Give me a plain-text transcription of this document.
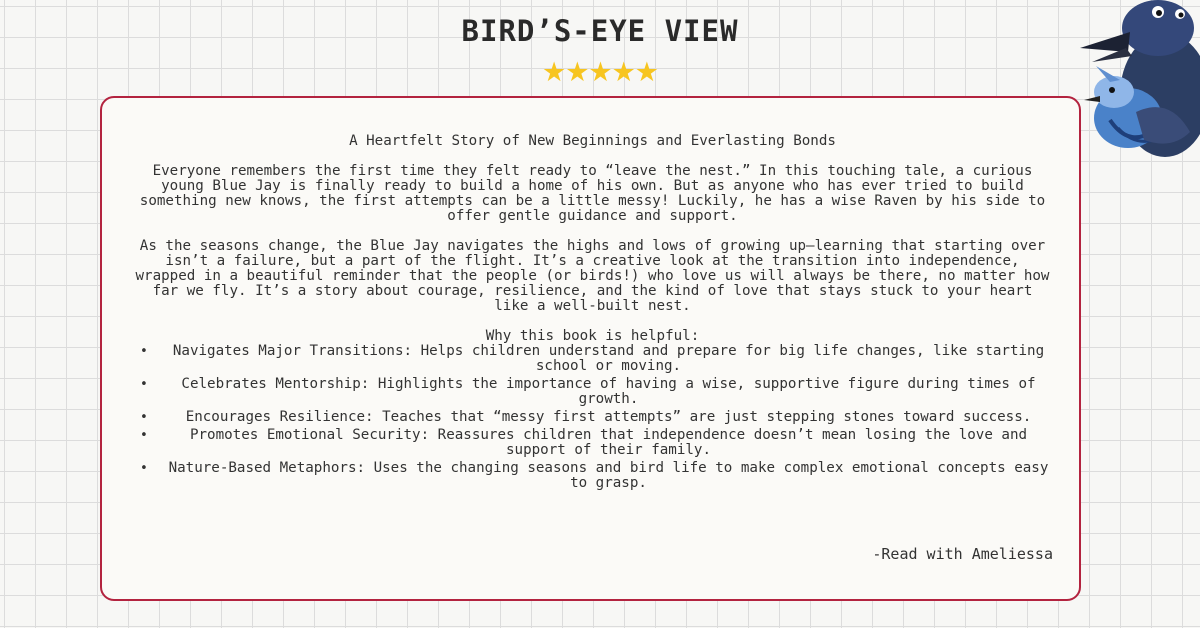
BIRD’S-EYE VIEW
★★★★★

A Heartfelt Story of New Beginnings and Everlasting Bonds

Everyone remembers the first time they felt ready to “leave the nest.” In this touching tale, a curious young Blue Jay is finally ready to build a home of his own. But as anyone who has ever tried to build something new knows, the first attempts can be a little messy! Luckily, he has a wise Raven by his side to offer gentle guidance and support.

As the seasons change, the Blue Jay navigates the highs and lows of growing up—learning that starting over isn’t a failure, but a part of the flight. It’s a creative look at the transition into independence, wrapped in a beautiful reminder that the people (or birds!) who love us will always be there, no matter how far we fly. It’s a story about courage, resilience, and the kind of love that stays stuck to your heart like a well-built nest.

Why this book is helpful:

• Navigates Major Transitions: Helps children understand and prepare for big life changes, like starting school or moving.
• Celebrates Mentorship: Highlights the importance of having a wise, supportive figure during times of growth.
•	Encourages Resilience: Teaches that “messy first attempts” are just stepping stones toward success.
•	Promotes Emotional Security: Reassures children that independence doesn’t mean losing the love and support of their family.
• Nature-Based Metaphors: Uses the changing seasons and bird life to make complex emotional concepts easy to grasp.
-Read with Ameliessa
